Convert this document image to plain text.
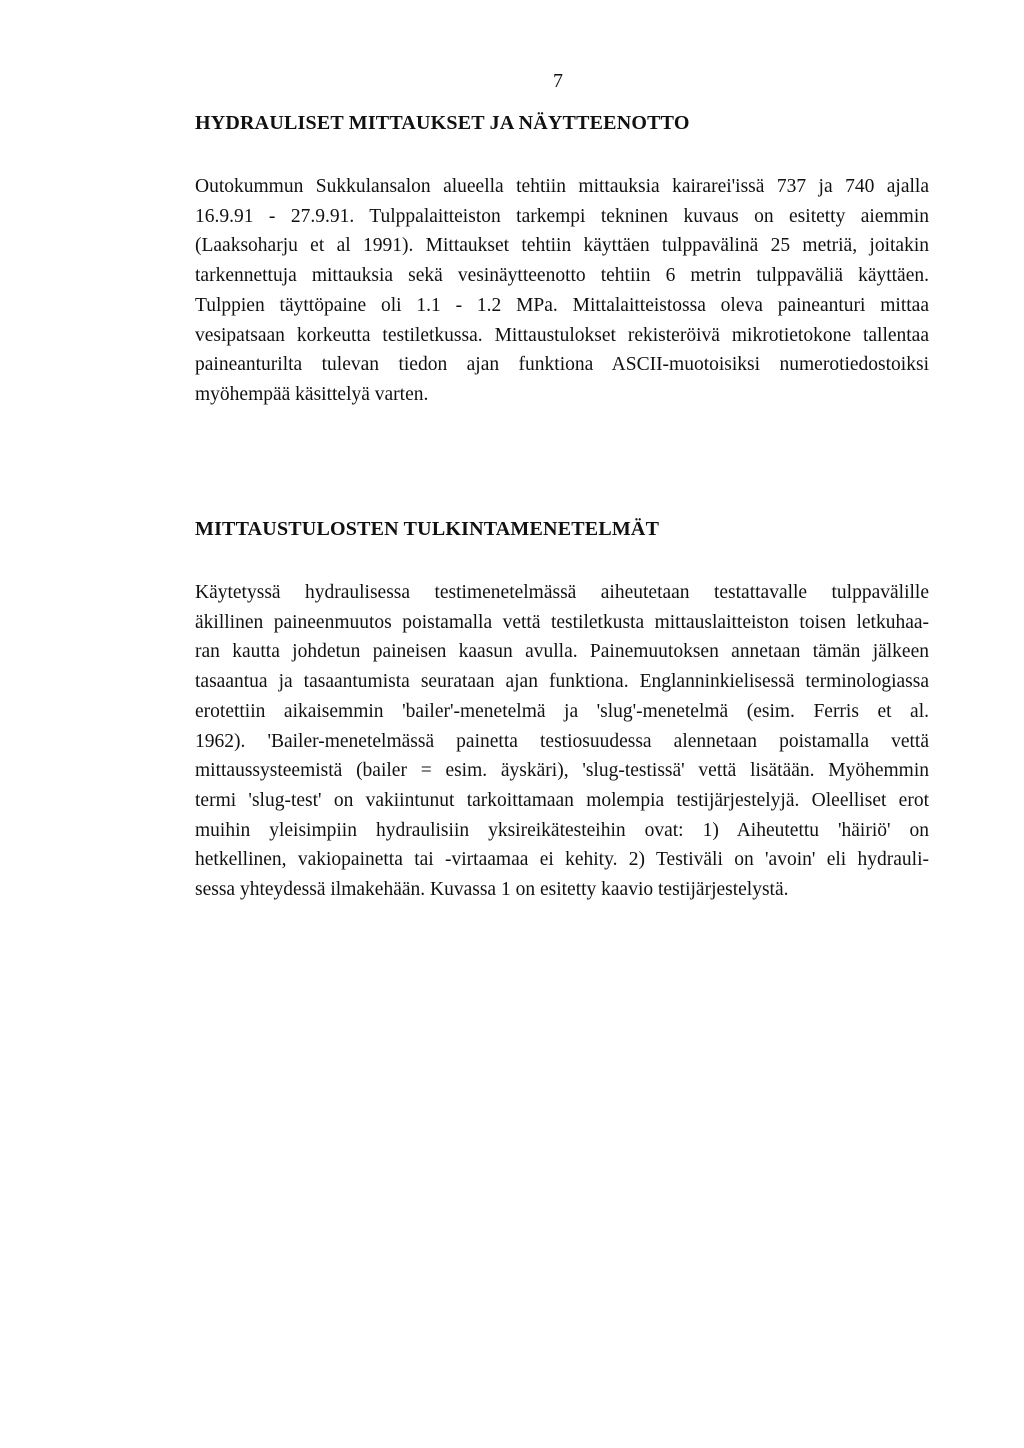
7
HYDRAULISET MITTAUKSET JA NÄYTTEENOTTO
Outokummun Sukkulansalon alueella tehtiin mittauksia kairarei'issä 737 ja 740 ajalla
16.9.91 - 27.9.91. Tulppalaitteiston tarkempi tekninen kuvaus on esitetty aiemmin
(Laaksoharju et al 1991). Mittaukset tehtiin käyttäen tulppavälinä 25 metriä, joitakin
tarkennettuja mittauksia sekä vesinäytteenotto tehtiin 6 metrin tulppaväliä käyttäen.
Tulppien täyttöpaine oli 1.1 - 1.2 MPa. Mittalaitteistossa oleva paineanturi mittaa
vesipatsaan korkeutta testiletkussa. Mittaustulokset rekisteröivä mikrotietokone tallentaa
paineanturilta tulevan tiedon ajan funktiona ASCII-muotoisiksi numerotiedostoiksi
myöhempää käsittelyä varten.
MITTAUSTULOSTEN TULKINTAMENETELMÄT
Käytetyssä hydraulisessa testimenetelmässä aiheutetaan testattavalle tulppavälille
äkillinen paineenmuutos poistamalla vettä testiletkusta mittauslaitteiston toisen letkuhaa-
ran kautta johdetun paineisen kaasun avulla. Painemuutoksen annetaan tämän jälkeen
tasaantua ja tasaantumista seurataan ajan funktiona. Englanninkielisessä terminologiassa
erotettiin aikaisemmin 'bailer'-menetelmä ja 'slug'-menetelmä (esim. Ferris et al.
1962). 'Bailer-menetelmässä painetta testiosuudessa alennetaan poistamalla vettä
mittaussysteemistä (bailer = esim. äyskäri), 'slug-testissä' vettä lisätään. Myöhemmin
termi 'slug-test' on vakiintunut tarkoittamaan molempia testijärjestelyjä. Oleelliset erot
muihin yleisimpiin hydraulisiin yksireikätesteihin ovat: 1) Aiheutettu 'häiriö' on
hetkellinen, vakiopainetta tai -virtaamaa ei kehity. 2) Testiväli on 'avoin' eli hydrauli-
sessa yhteydessä ilmakehään. Kuvassa 1 on esitetty kaavio testijärjestelystä.
